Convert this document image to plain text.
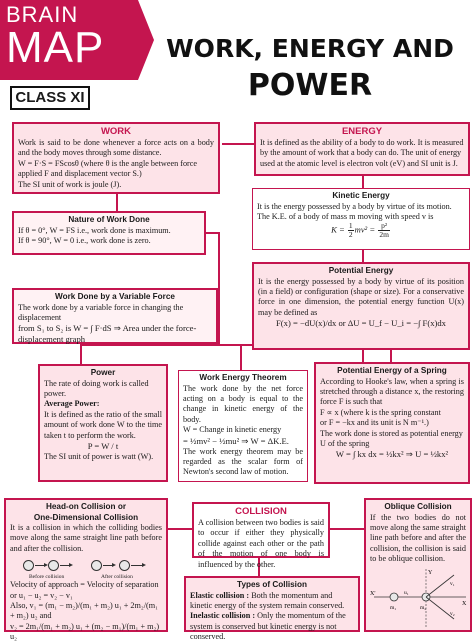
BRAIN
MAP
CLASS XI
WORK, ENERGY AND
POWER
WORK
Work is said to be done whenever a force acts on a body and the body moves through some distance.
W = F·S = FScosθ (where θ is the angle between force applied F and displacement vector S.)
The SI unit of work is joule (J).
ENERGY
It is defined as the ability of a body to do work. It is measured by the amount of work that a body can do. The unit of energy used at the atomic level is electron volt (eV) and SI unit is J.
Kinetic Energy
It is the energy possessed by a body by virtue of its motion. The K.E. of a body of mass m moving with speed v is
$K = \frac{1}{2} mv^2 = \frac{\text{p²}}{2m}$
Nature of Work Done
If θ = 0°, W = FS i.e., work done is maximum.
If θ = 90°, W = 0 i.e., work done is zero.
Potential Energy
It is the energy possessed by a body by virtue of its position (in a field) or configuration (shape or size). For a conservative force in one dimension, the potential energy function U(x) may be defined as
F(x) = −dU(x)/dx or ΔU = U_f − U_i = −∫ F(x)dx
Work Done by a Variable Force
The work done by a variable force in changing the displacement
from S₁ to S₂ is W = ∫ F·dS ⇒ Area under the force-displacement graph
Power
The rate of doing work is called power.
Average Power:
It is defined as the ratio of the small amount of work done W to the time taken t to perform the work.
P = W / t
The SI unit of power is watt (W).
Work Energy Theorem
The work done by the net force acting on a body is equal to the change in kinetic energy of the body.
W = Change in kinetic energy
= ½mv² − ½mu² ⇒ W = ΔK.E.
The work energy theorem may be regarded as the scalar form of Newton's second law of motion.
Potential Energy of a Spring
According to Hooke's law, when a spring is stretched through a distance x, the restoring force F is such that
F ∝ x (where k is the spring constant
or F = −kx and its unit is N m⁻¹.)
The work done is stored as potential energy U of the spring
W = ∫ kx dx = ½kx² ⇒ U = ½kx²
Head-on Collision or
One-Dimensional Collision
It is a collision in which the colliding bodies move along the same straight line path before and after the collision.
Before collision	After collision
Velocity of approach = Velocity of separation
or u₁ − u₂ = v₂ − v₁
Also, v₁ = (m₁ − m₂)/(m₁ + m₂) u₁ + 2m₂/(m₁ + m₂) u₂ and
v₂ = 2m₁/(m₁ + m₂) u₁ + (m₂ − m₁)/(m₁ + m₂) u₂
COLLISION
A collision between two bodies is said to occur if either they physically collide against each other or the path of the motion of one body is influenced by the other.
Types of Collision
Elastic collision : Both the momentum and kinetic energy of the system remain conserved.
Inelastic collision : Only the momentum of the system is conserved but kinetic energy is not conserved.
Oblique Collision
If the two bodies do not move along the same straight line path before and after the collision, the collision is said to be oblique collision.
X'
X
Y
m₁	m₂
u₁
v₁
v₂
